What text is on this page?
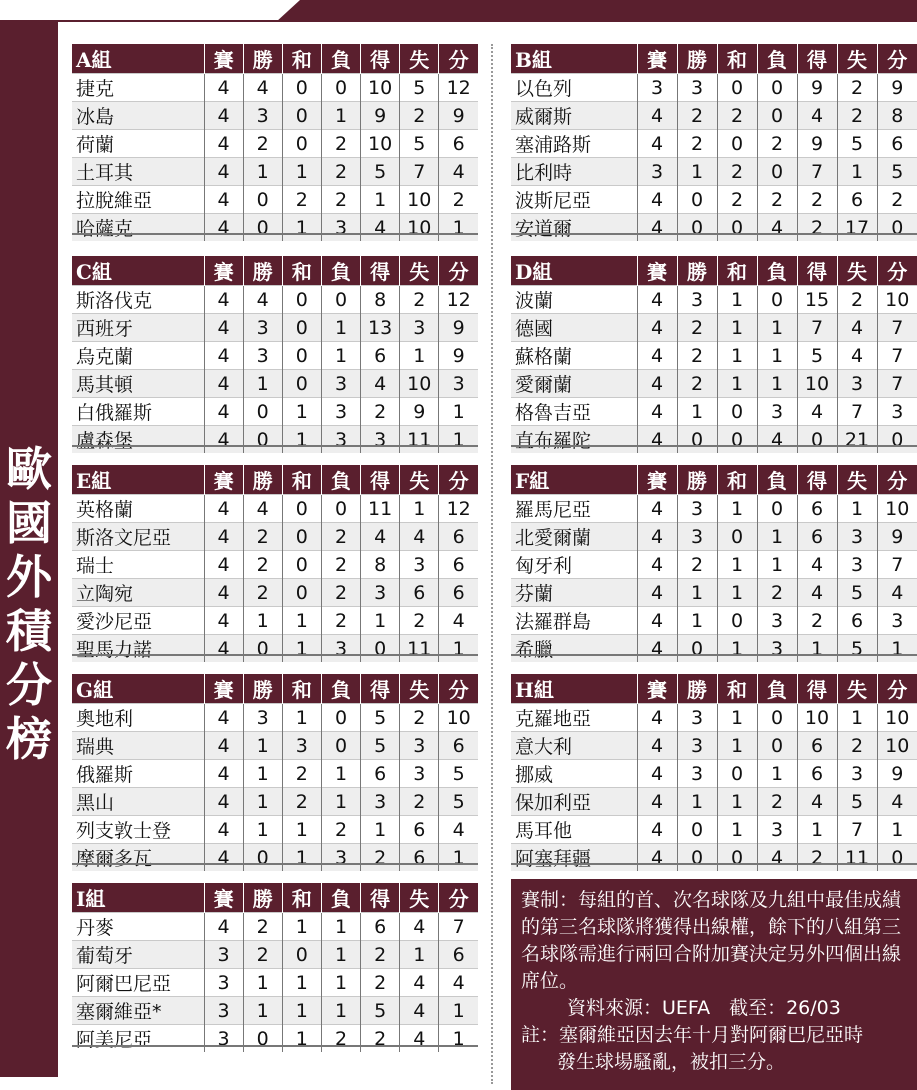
歐
國
外
積
分
榜
A組	賽	勝	和	負	得	失	分
捷克	4	4	0	0	10	5	12
冰島	4	3	0	1	9	2	9
荷蘭	4	2	0	2	10	5	6
土耳其	4	1	1	2	5	7	4
拉脫維亞	4	0	2	2	1	10	2
哈薩克	4	0	1	3	4	10	1
B組	賽	勝	和	負	得	失	分
以色列	3	3	0	0	9	2	9
威爾斯	4	2	2	0	4	2	8
塞浦路斯	4	2	0	2	9	5	6
比利時	3	1	2	0	7	1	5
波斯尼亞	4	0	2	2	2	6	2
安道爾	4	0	0	4	2	17	0
C組	賽	勝	和	負	得	失	分
斯洛伐克	4	4	0	0	8	2	12
西班牙	4	3	0	1	13	3	9
烏克蘭	4	3	0	1	6	1	9
馬其頓	4	1	0	3	4	10	3
白俄羅斯	4	0	1	3	2	9	1
盧森堡	4	0	1	3	3	11	1
D組	賽	勝	和	負	得	失	分
波蘭	4	3	1	0	15	2	10
德國	4	2	1	1	7	4	7
蘇格蘭	4	2	1	1	5	4	7
愛爾蘭	4	2	1	1	10	3	7
格魯吉亞	4	1	0	3	4	7	3
直布羅陀	4	0	0	4	0	21	0
E組	賽	勝	和	負	得	失	分
英格蘭	4	4	0	0	11	1	12
斯洛文尼亞	4	2	0	2	4	4	6
瑞士	4	2	0	2	8	3	6
立陶宛	4	2	0	2	3	6	6
愛沙尼亞	4	1	1	2	1	2	4
聖馬力諾	4	0	1	3	0	11	1
F組	賽	勝	和	負	得	失	分
羅馬尼亞	4	3	1	0	6	1	10
北愛爾蘭	4	3	0	1	6	3	9
匈牙利	4	2	1	1	4	3	7
芬蘭	4	1	1	2	4	5	4
法羅群島	4	1	0	3	2	6	3
希臘	4	0	1	3	1	5	1
G組	賽	勝	和	負	得	失	分
奧地利	4	3	1	0	5	2	10
瑞典	4	1	3	0	5	3	6
俄羅斯	4	1	2	1	6	3	5
黑山	4	1	2	1	3	2	5
列支敦士登	4	1	1	2	1	6	4
摩爾多瓦	4	0	1	3	2	6	1
H組	賽	勝	和	負	得	失	分
克羅地亞	4	3	1	0	10	1	10
意大利	4	3	1	0	6	2	10
挪威	4	3	0	1	6	3	9
保加利亞	4	1	1	2	4	5	4
馬耳他	4	0	1	3	1	7	1
阿塞拜疆	4	0	0	4	2	11	0
I組	賽	勝	和	負	得	失	分
丹麥	4	2	1	1	6	4	7
葡萄牙	3	2	0	1	2	1	6
阿爾巴尼亞	3	1	1	1	2	4	4
塞爾維亞*	3	1	1	1	5	4	1
阿美尼亞	3	0	1	2	2	4	1

賽制：每組的首、次名球隊及九組中最佳成績的第三名球隊將獲得出線權，餘下的八組第三名球隊需進行兩回合附加賽決定另外四個出線席位。

資料來源：UEFA　截至：26/03

註：塞爾維亞因去年十月對阿爾巴尼亞時

發生球場騷亂，被扣三分。
